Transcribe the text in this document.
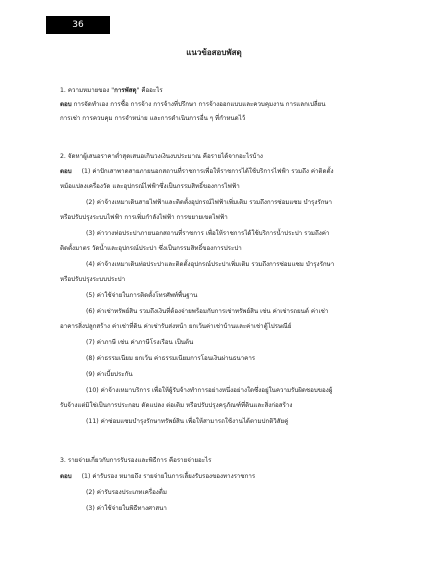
36
แนวข้อสอบพัสดุ
1. ความหมายของ "การพัสดุ" คืออะไร
ตอบ การจัดทำเอง การซื้อ การจ้าง การจ้างที่ปรึกษา การจ้างออกแบบและควบคุมงาน การแลกเปลี่ยน
การเช่า การควบคุม การจำหน่าย และการดำเนินการอื่น ๆ ที่กำหนดไว้
2. จัดหาผู้เสนอราคาต่ำสุดเสนอเกินวงเงินงบประมาณ คือรายได้จากอะไรบ้าง
ตอบ (1) ค่าปักเสาพาดสายภายนอกสถานที่ราชการเพื่อให้ราชการได้ใช้บริการไฟฟ้า รวมถึง ค่าติดตั้ง
หม้อแปลงเครื่องวัด และอุปกรณ์ไฟฟ้าซึ่งเป็นกรรมสิทธิ์ของการไฟฟ้า
(2) ค่าจ้างเหมาเดินสายไฟฟ้าและติดตั้งอุปกรณ์ไฟฟ้าเพิ่มเติม รวมถึงการซ่อมแซม บำรุงรักษา
หรือปรับปรุงระบบไฟฟ้า การเพิ่มกำลังไฟฟ้า การขยายเขตไฟฟ้า
(3) ค่าวางท่อประปาภายนอกสถานที่ราชการ เพื่อให้ราชการได้ใช้บริการน้ำประปา รวมถึงค่า
ติดตั้งมาตร วัดน้ำและอุปกรณ์ประปา ซึ่งเป็นกรรมสิทธิ์ของการประปา
(4) ค่าจ้างเหมาเดินท่อประปาและติดตั้งอุปกรณ์ประปาเพิ่มเติม รวมถึงการซ่อมแซม บำรุงรักษา
หรือปรับปรุงระบบประปา
(5) ค่าใช้จ่ายในการติดตั้งโทรศัพท์พื้นฐาน
(6) ค่าเช่าทรัพย์สิน รวมถึงเงินที่ต้องจ่ายพร้อมกับการเช่าทรัพย์สิน เช่น ค่าเช่ารถยนต์ ค่าเช่า
อาคารสิ่งปลูกสร้าง ค่าเช่าที่ดิน ค่าเช่ารับส่งหน้า ยกเว้นค่าเช่าบ้านและค่าเช่าตู้ไปรษณีย์
(7) ค่าภาษี เช่น ค่าภาษีโรงเรือน เป็นต้น
(8) ค่าธรรมเนียม ยกเว้น ค่าธรรมเนียมการโอนเงินผ่านธนาคาร
(9) ค่าเบี้ยประกัน
(10) ค่าจ้างเหมาบริการ เพื่อให้ผู้รับจ้างทำการอย่างหนึ่งอย่างใดซึ่งอยู่ในความรับผิดชอบของผู้
รับจ้างแต่มิใช่เป็นการประกอบ ดัดแปลง ต่อเติม หรือปรับปรุงครุภัณฑ์ที่ดินและสิ่งก่อสร้าง
(11) ค่าซ่อมแซมบำรุงรักษาทรัพย์สิน เพื่อให้สามารถใช้งานได้ตามปกติวิสัยคู่
3. รายจ่ายเกี่ยวกับการรับรองและพิธีการ คือรายจ่ายอะไร
ตอบ (1) ค่ารับรอง หมายถึง รายจ่ายในการเลี้ยงรับรองของทางราชการ
(2) ค่ารับรองประเภทเครื่องดื่ม
(3) ค่าใช้จ่ายในพิธีทางศาสนา
